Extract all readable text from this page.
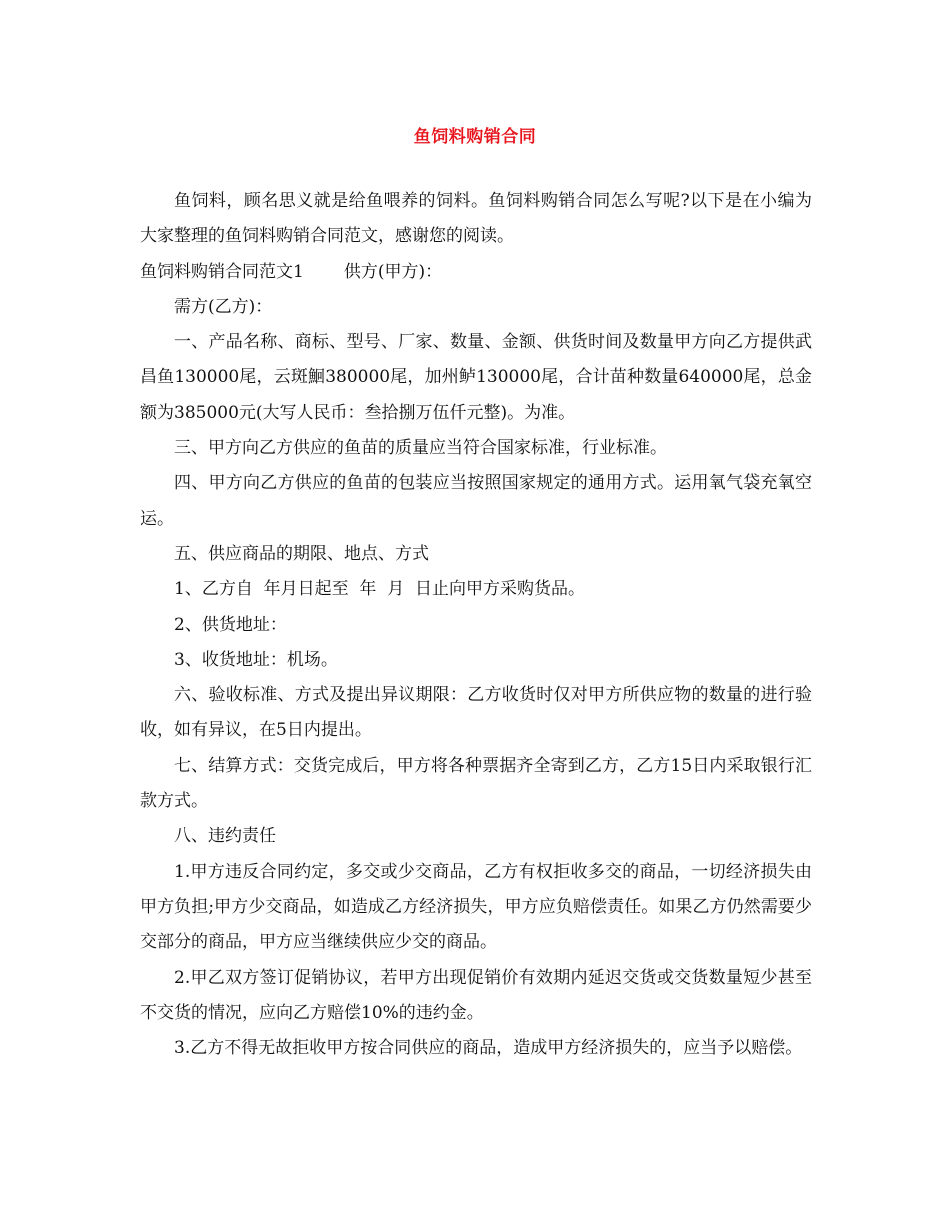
鱼饲料购销合同

鱼饲料，顾名思义就是给鱼喂养的饲料。鱼饲料购销合同怎么写呢?以下是在小编为大家整理的鱼饲料购销合同范文，感谢您的阅读。

鱼饲料购销合同范文1 供方(甲方)：

需方(乙方)：

一、产品名称、商标、型号、厂家、数量、金额、供货时间及数量甲方向乙方提供武昌鱼130000尾，云斑鮰380000尾，加州鲈130000尾，合计苗种数量640000尾，总金额为385000元(大写人民币：叁拾捌万伍仟元整)。为准。

三、甲方向乙方供应的鱼苗的质量应当符合国家标准，行业标准。

四、甲方向乙方供应的鱼苗的包装应当按照国家规定的通用方式。运用氧气袋充氧空运。

五、供应商品的期限、地点、方式

1、乙方自  年月日起至  年  月  日止向甲方采购货品。

2、供货地址：

3、收货地址：机场。

六、验收标准、方式及提出异议期限：乙方收货时仅对甲方所供应物的数量的进行验收，如有异议，在5日内提出。

七、结算方式：交货完成后，甲方将各种票据齐全寄到乙方，乙方15日内采取银行汇款方式。

八、违约责任

1.甲方违反合同约定，多交或少交商品，乙方有权拒收多交的商品，一切经济损失由甲方负担;甲方少交商品，如造成乙方经济损失，甲方应负赔偿责任。如果乙方仍然需要少交部分的商品，甲方应当继续供应少交的商品。

2.甲乙双方签订促销协议，若甲方出现促销价有效期内延迟交货或交货数量短少甚至不交货的情况，应向乙方赔偿10%的违约金。

3.乙方不得无故拒收甲方按合同供应的商品，造成甲方经济损失的，应当予以赔偿。
